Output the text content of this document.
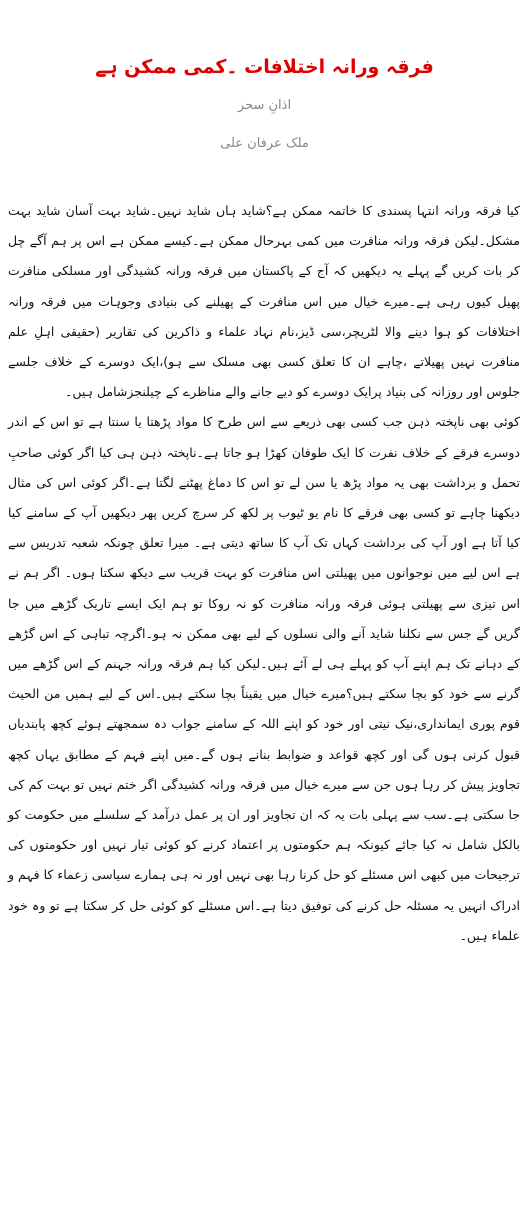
فرقہ ورانہ اختلافات ۔کمی ممکن ہے
اذانِ سحر
ملک عرفان علی

کیا فرقہ ورانہ انتہا پسندی کا خاتمہ ممکن ہے؟شاید ہاں شاید نہیں۔شاید بہت آسان شاید بہت مشکل۔لیکن فرقہ ورانہ منافرت میں کمی بہرحال ممکن ہے۔کیسے ممکن ہے اس پر ہم آگے چل کر بات کریں گے پہلے یہ دیکھیں کہ آج کے پاکستان میں فرقہ ورانہ کشیدگی اور مسلکی منافرت پھیل کیوں رہی ہے۔میرے خیال میں اس منافرت کے پھیلنے کی بنیادی وجوہات میں فرقہ ورانہ اختلافات کو ہوا دینے والا لٹریچر،سی ڈیز،نام نہاد علماء و ذاکرین کی تقاریر (حقیقی اہلِ علم منافرت نہیں پھیلاتے ،چاہے ان کا تعلق کسی بھی مسلک سے ہو)،ایک دوسرے کے خلاف جلسے جلوس اور روزانہ کی بنیاد پرایک دوسرے کو دیے جانے والے مناظرے کے چیلنجزشامل ہیں۔

کوئی بھی ناپختہ ذہن جب کسی بھی ذریعے سے اس طرح کا مواد پڑھتا یا سنتا ہے تو اس کے اندر دوسرے فرقے کے خلاف نفرت کا ایک طوفان کھڑا ہو جاتا ہے۔ناپختہ ذہن ہی کیا اگر کوئی صاحبِ تحمل و برداشت بھی یہ مواد پڑھ یا سن لے تو اس کا دماغ پھٹنے لگتا ہے۔اگر کوئی اس کی مثال دیکھنا چاہے تو کسی بھی فرقے کا نام یو ٹیوب پر لکھ کر سرچ کریں پھر دیکھیں آپ کے سامنے کیا کیا آتا ہے اور آپ کی برداشت کہاں تک آپ کا ساتھ دیتی ہے۔ میرا تعلق چونکہ شعبہ تدریس سے ہے اس لیے میں نوجوانوں میں پھیلتی اس منافرت کو بہت قریب سے دیکھ سکتا ہوں۔ اگر ہم نے اس تیزی سے پھیلتی ہوئی فرقہ ورانہ منافرت کو نہ روکا تو ہم ایک ایسے تاریک گڑھے میں جا گریں گے جس سے نکلنا شاید آنے والی نسلوں کے لیے بھی ممکن نہ ہو۔اگرچہ تباہی کے اس گڑھے کے دہانے تک ہم اپنے آپ کو پہلے ہی لے آئے ہیں۔لیکن کیا ہم فرقہ ورانہ جہنم کے اس گڑھے میں گرنے سے خود کو بچا سکتے ہیں؟میرے خیال میں یقیناً بچا سکتے ہیں۔اس کے لیے ہمیں من الحیث قوم پوری ایمانداری،نیک نیتی اور خود کو اپنے اللہ کے سامنے جواب دہ سمجھتے ہوئے کچھ پابندیاں قبول کرنی ہوں گی اور کچھ قواعد و ضوابط بنانے ہوں گے۔میں اپنے فہم کے مطابق یہاں کچھ تجاویز پیش کر رہا ہوں جن سے میرے خیال میں فرقہ ورانہ کشیدگی اگر ختم نہیں تو بہت کم کی جا سکتی ہے۔سب سے پہلی بات یہ کہ ان تجاویز اور ان پر عمل درآمد کے سلسلے میں حکومت کو بالکل شامل نہ کیا جائے کیونکہ ہم حکومتوں پر اعتماد کرنے کو کوئی تیار نہیں اور حکومتوں کی ترجیحات میں کبھی اس مسئلے کو حل کرنا رہا بھی نہیں اور نہ ہی ہمارے سیاسی زعماء کا فہم و ادراک انہیں یہ مسئلہ حل کرنے کی توفیق دیتا ہے۔اس مسئلے کو کوئی حل کر سکتا ہے تو وہ خود علماء ہیں۔
